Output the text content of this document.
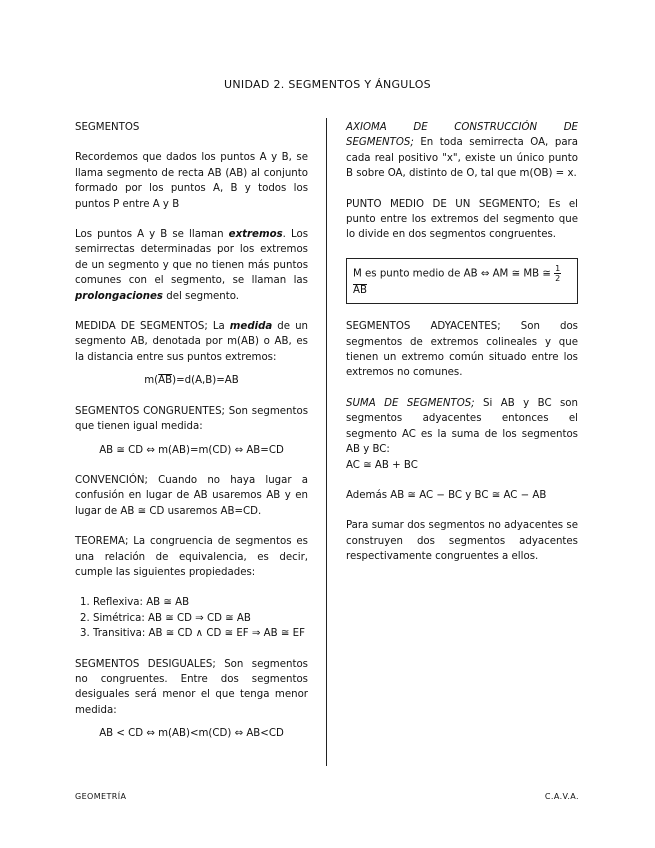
UNIDAD 2. SEGMENTOS Y ÁNGULOS

SEGMENTOS

Recordemos que dados los puntos A y B, se llama segmento de recta AB (AB) al conjunto formado por los puntos A, B y todos los puntos P entre A y B

Los puntos A y B se llaman extremos. Los semirrectas determinadas por los extremos de un segmento y que no tienen más puntos comunes con el segmento, se llaman las prolongaciones del segmento.

MEDIDA DE SEGMENTOS; La medida de un segmento AB, denotada por m(AB) o AB, es la distancia entre sus puntos extremos:

$m(\overline{AB})=d(A,B)=AB$

SEGMENTOS CONGRUENTES; Son segmentos que tienen igual medida:

AB ≅ CD ⇔ m(AB)=m(CD) ⇔ AB=CD

CONVENCIÓN; Cuando no haya lugar a confusión en lugar de AB usaremos AB y en lugar de AB ≅ CD usaremos AB=CD.

TEOREMA; La congruencia de segmentos es una relación de equivalencia, es decir, cumple las siguientes propiedades:

1. Reflexiva: AB ≅ AB
2. Simétrica: AB ≅ CD ⇒ CD ≅ AB
3. Transitiva: AB ≅ CD ∧ CD ≅ EF ⇒ AB ≅ EF

SEGMENTOS DESIGUALES; Son segmentos no congruentes. Entre dos segmentos desiguales será menor el que tenga menor medida:

AB < CD ⇔ m(AB)<m(CD) ⇔ AB<CD

AXIOMA DE CONSTRUCCIÓN DE SEGMENTOS; En toda semirrecta OA, para cada real positivo "x", existe un único punto B sobre OA, distinto de O, tal que m(OB) = x.

PUNTO MEDIO DE UN SEGMENTO; Es el punto entre los extremos del segmento que lo divide en dos segmentos congruentes.

M es punto medio de AB ⇔ AM ≅ MB ≅ $\frac{1}{2}$
$\overline{AB}$

SEGMENTOS ADYACENTES; Son dos segmentos de extremos colineales y que tienen un extremo común situado entre los extremos no comunes.

SUMA DE SEGMENTOS; Si AB y BC son segmentos adyacentes entonces el segmento AC es la suma de los segmentos AB y BC:

AC ≅ AB + BC

Además AB ≅ AC − BC y BC ≅ AC − AB

Para sumar dos segmentos no adyacentes se construyen dos segmentos adyacentes respectivamente congruentes a ellos.

GEOMETRÍA	C.A.V.A.
